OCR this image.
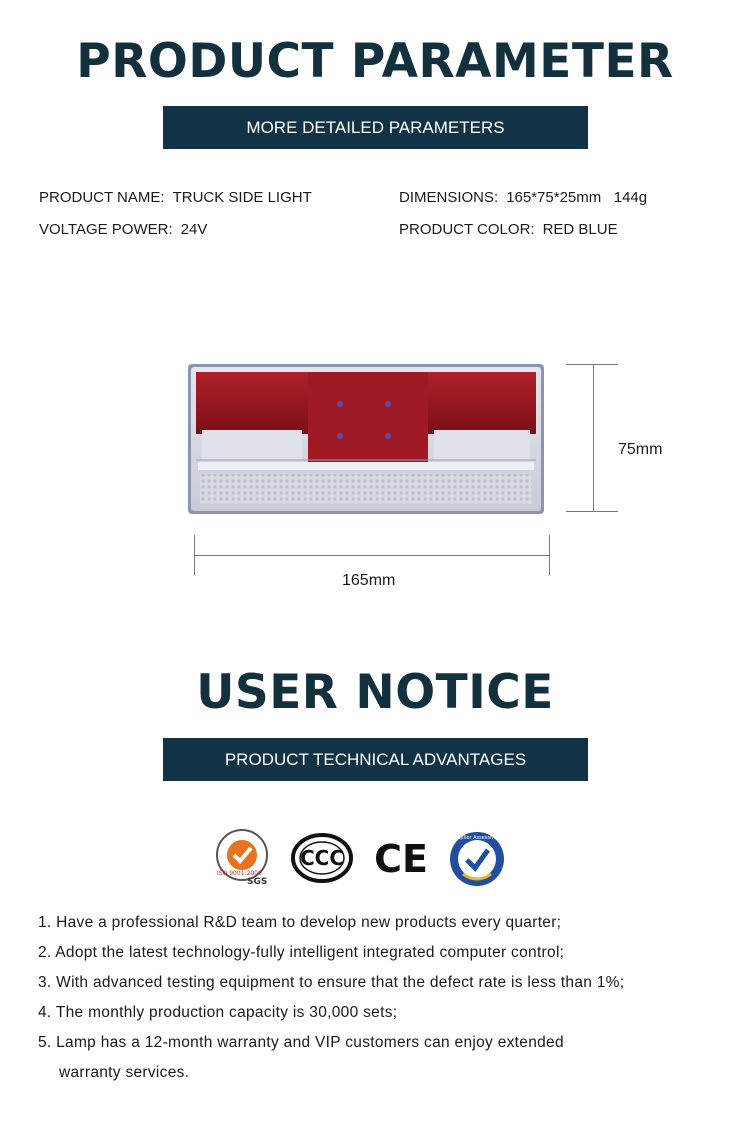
PRODUCT PARAMETER
MORE DETAILED PARAMETERS
PRODUCT NAME: TRUCK SIDE LIGHT	DIMENSIONS: 165*75*25mm   144g
VOLTAGE POWER: 24V	PRODUCT COLOR: RED BLUE
75mm
165mm
USER NOTICE
PRODUCT TECHNICAL ADVANTAGES
ISO 9001:2000
SGS
CCC CE	Supplier Assessment
1. Have a professional R&D team to develop new products every quarter;
2. Adopt the latest technology-fully intelligent integrated computer control;
3. With advanced testing equipment to ensure that the defect rate is less than 1%;
4. The monthly production capacity is 30,000 sets;
5. Lamp has a 12-month warranty and VIP customers can enjoy extended
warranty services.
